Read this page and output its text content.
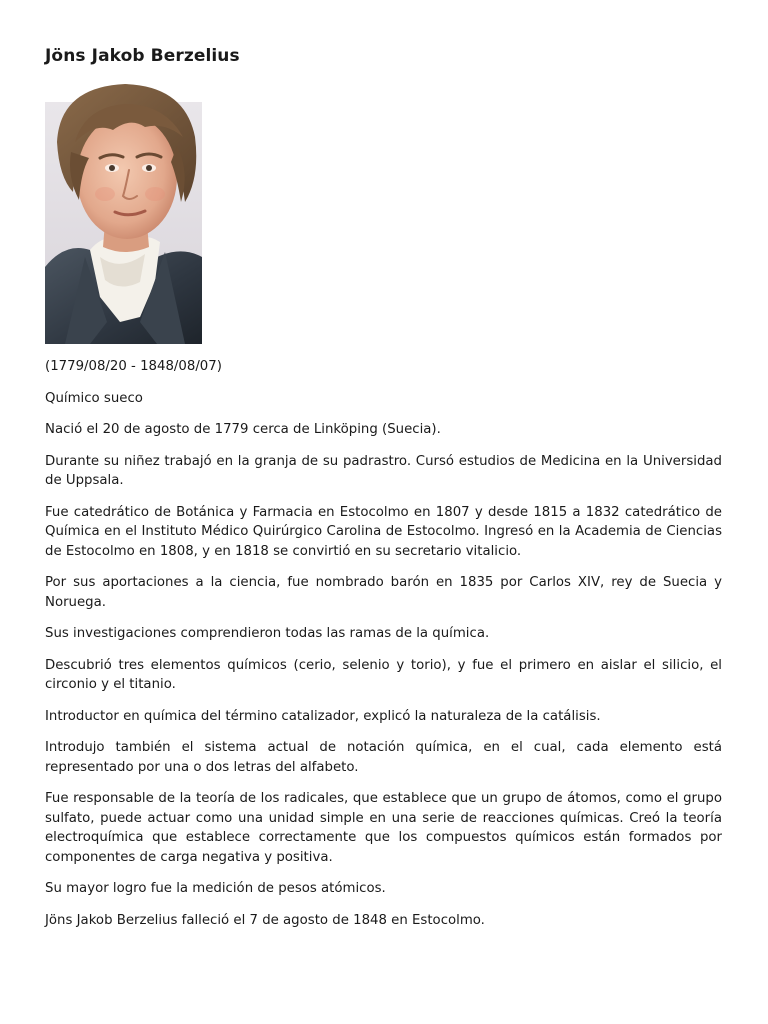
Jöns Jakob Berzelius

(1779/08/20 - 1848/08/07)

Químico sueco

Nació el 20 de agosto de 1779 cerca de Linköping (Suecia).

Durante su niñez trabajó en la granja de su padrastro. Cursó estudios de Medicina en la Universidad de Uppsala.

Fue catedrático de Botánica y Farmacia en Estocolmo en 1807 y desde 1815 a 1832 catedrático de Química en el Instituto Médico Quirúrgico Carolina de Estocolmo. Ingresó en la Academia de Ciencias de Estocolmo en 1808, y en 1818 se convirtió en su secretario vitalicio.

Por sus aportaciones a la ciencia, fue nombrado barón en 1835 por Carlos XIV, rey de Suecia y Noruega.

Sus investigaciones comprendieron todas las ramas de la química.

Descubrió tres elementos químicos (cerio, selenio y torio), y fue el primero en aislar el silicio, el circonio y el titanio.

Introductor en química del término catalizador, explicó la naturaleza de la catálisis.

Introdujo también el sistema actual de notación química, en el cual, cada elemento está representado por una o dos letras del alfabeto.

Fue responsable de la teoría de los radicales, que establece que un grupo de átomos, como el grupo sulfato, puede actuar como una unidad simple en una serie de reacciones químicas. Creó la teoría electroquímica que establece correctamente que los compuestos químicos están formados por componentes de carga negativa y positiva.

Su mayor logro fue la medición de pesos atómicos.

Jöns Jakob Berzelius falleció el 7 de agosto de 1848 en Estocolmo.
